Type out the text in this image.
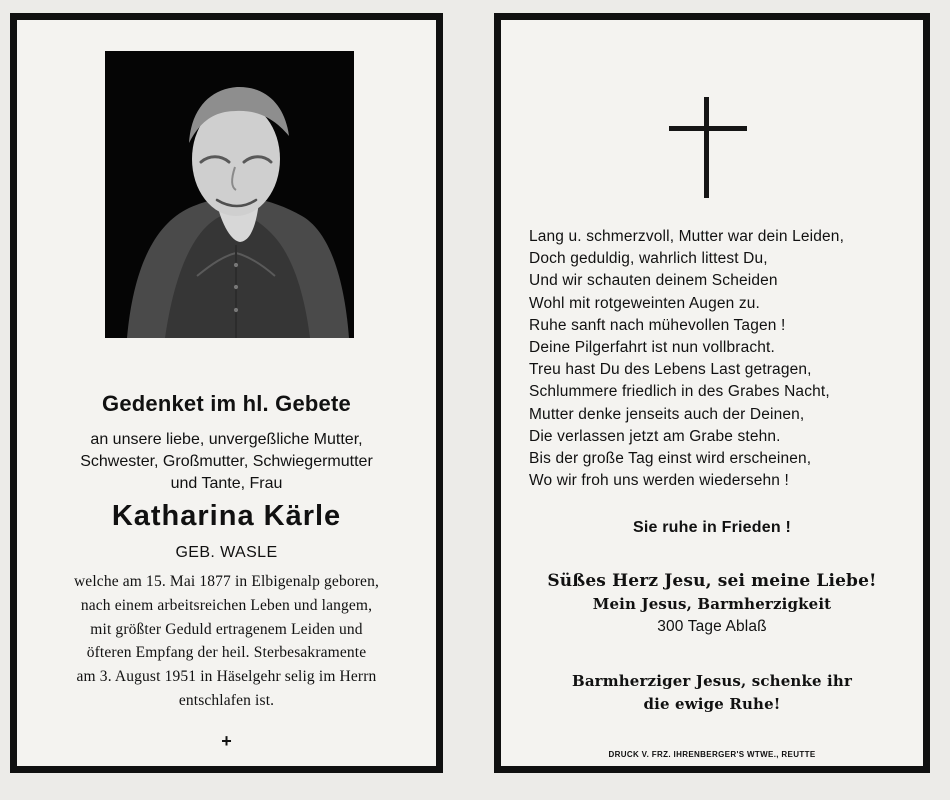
Gedenket im hl. Gebete
an unsere liebe, unvergeßliche Mutter,
Schwester, Großmutter, Schwiegermutter
und Tante, Frau
Katharina Kärle
GEB. WASLE
welche am 15. Mai 1877 in Elbigenalp geboren,
nach einem arbeitsreichen Leben und langem,
mit größter Geduld ertragenem Leiden und
öfteren Empfang der heil. Sterbesakramente
am 3. August 1951 in Häselgehr selig im Herrn
entschlafen ist.
+
Lang u. schmerzvoll, Mutter war dein Leiden,
Doch geduldig, wahrlich littest Du,
Und wir schauten deinem Scheiden
Wohl mit rotgeweinten Augen zu.
Ruhe sanft nach mühevollen Tagen !
Deine Pilgerfahrt ist nun vollbracht.
Treu hast Du des Lebens Last getragen,
Schlummere friedlich in des Grabes Nacht,
Mutter denke jenseits auch der Deinen,
Die verlassen jetzt am Grabe stehn.
Bis der große Tag einst wird erscheinen,
Wo wir froh uns werden wiedersehn !
Sie ruhe in Frieden !
Süßes Herz Jesu, sei meine Liebe!
Mein Jesus, Barmherzigkeit
300 Tage Ablaß
Barmherziger Jesus, schenke ihr
die ewige Ruhe!
DRUCK V. FRZ. IHRENBERGER'S WTWE., REUTTE
